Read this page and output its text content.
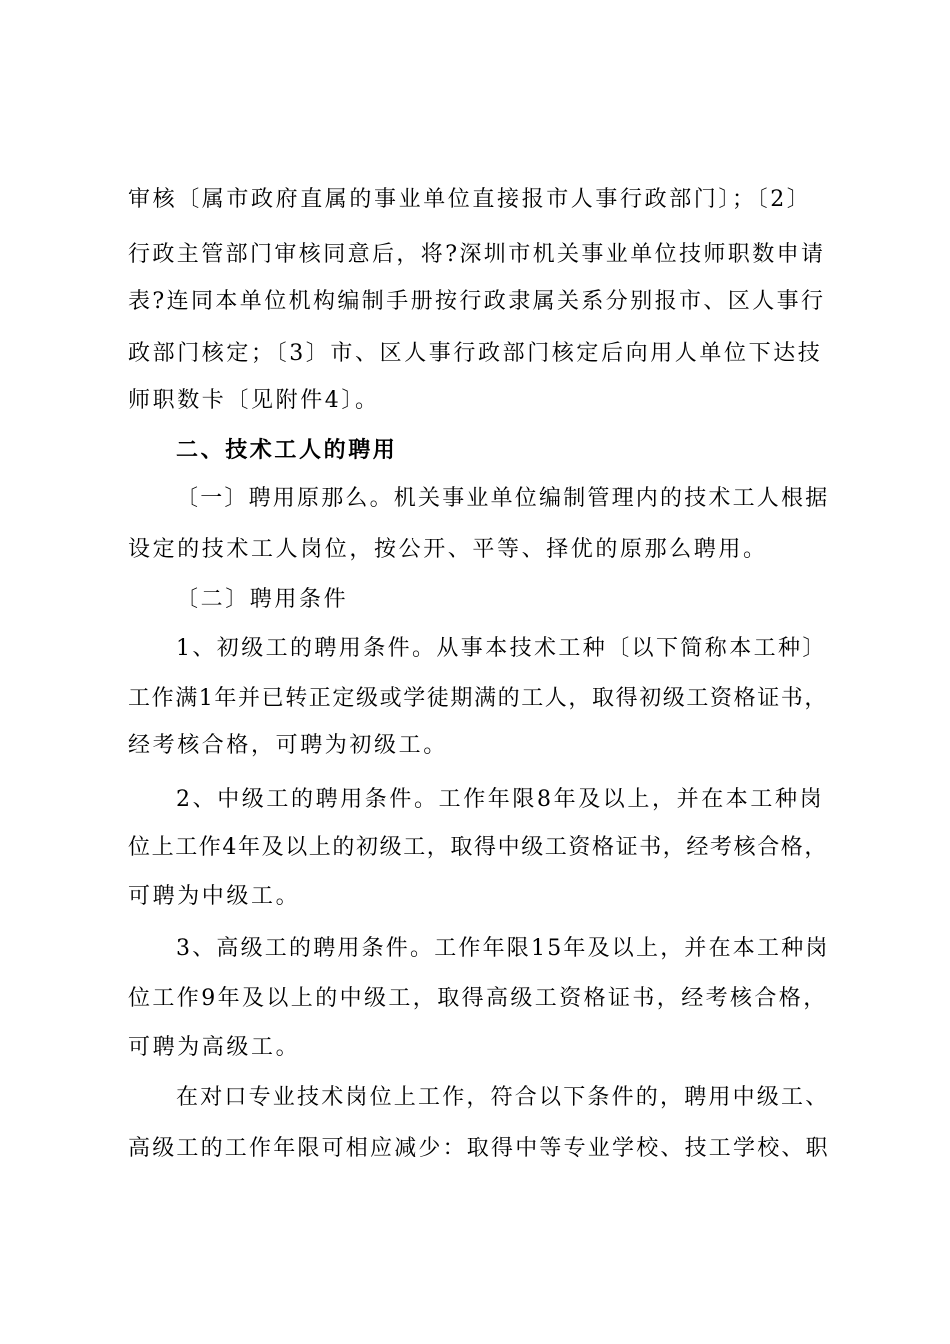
审核〔属市政府直属的事业单位直接报市人事行政部门〕；〔2〕
行政主管部门审核同意后，将?深圳市机关事业单位技师职数申请
表?连同本单位机构编制手册按行政隶属关系分别报市、区人事行
政部门核定；〔3〕市、区人事行政部门核定后向用人单位下达技
师职数卡〔见附件4〕。
二、技术工人的聘用
〔一〕聘用原那么。机关事业单位编制管理内的技术工人根据
设定的技术工人岗位，按公开、平等、择优的原那么聘用。
〔二〕聘用条件
1、初级工的聘用条件。从事本技术工种〔以下简称本工种〕
工作满1年并已转正定级或学徒期满的工人，取得初级工资格证书，
经考核合格，可聘为初级工。
2、中级工的聘用条件。工作年限8年及以上，并在本工种岗
位上工作4年及以上的初级工，取得中级工资格证书，经考核合格，
可聘为中级工。
3、高级工的聘用条件。工作年限15年及以上，并在本工种岗
位工作9年及以上的中级工，取得高级工资格证书，经考核合格，
可聘为高级工。
在对口专业技术岗位上工作，符合以下条件的，聘用中级工、
高级工的工作年限可相应减少：取得中等专业学校、技工学校、职
